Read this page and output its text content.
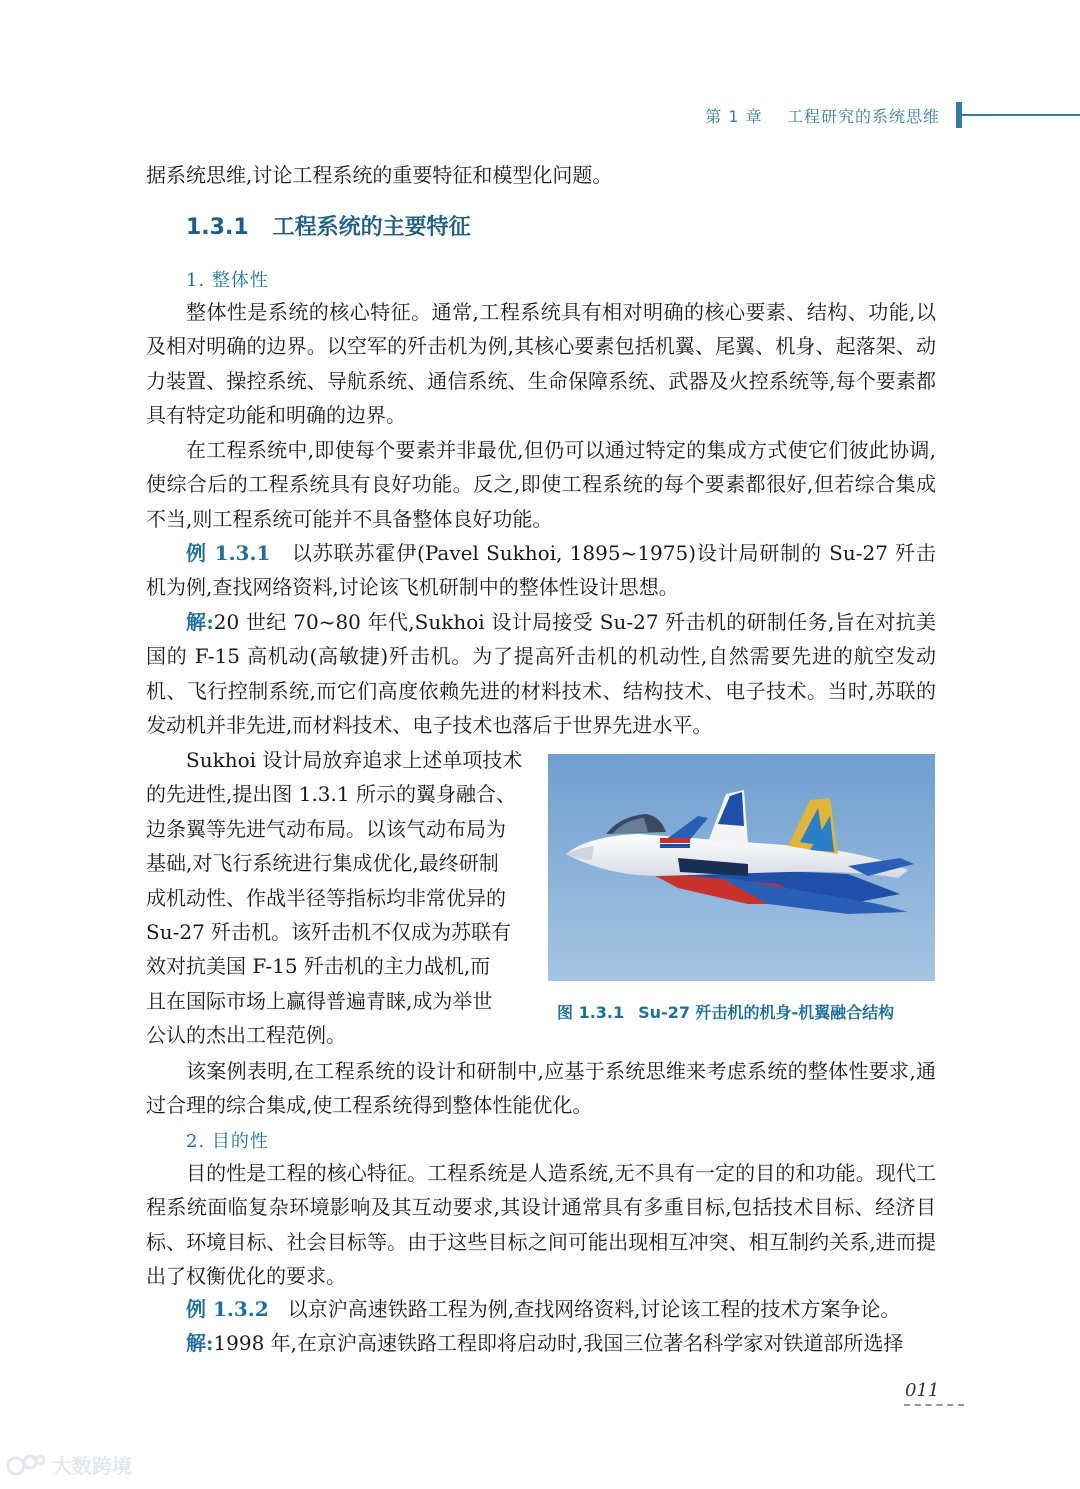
第 1 章 工程研究的系统思维

据系统思维,讨论工程系统的重要特征和模型化问题。

1.3.1 工程系统的主要特征
1. 整体性

整体性是系统的核心特征。通常,工程系统具有相对明确的核心要素、结构、功能,以及相对明确的边界。以空军的歼击机为例,其核心要素包括机翼、尾翼、机身、起落架、动力装置、操控系统、导航系统、通信系统、生命保障系统、武器及火控系统等,每个要素都具有特定功能和明确的边界。

在工程系统中,即使每个要素并非最优,但仍可以通过特定的集成方式使它们彼此协调,使综合后的工程系统具有良好功能。反之,即使工程系统的每个要素都很好,但若综合集成不当,则工程系统可能并不具备整体良好功能。

例 1.3.1 以苏联苏霍伊(Pavel Sukhoi, 1895~1975)设计局研制的 Su-27 歼击机为例,查找网络资料,讨论该飞机研制中的整体性设计思想。

解:20 世纪 70~80 年代,Sukhoi 设计局接受 Su-27 歼击机的研制任务,旨在对抗美国的 F-15 高机动(高敏捷)歼击机。为了提高歼击机的机动性,自然需要先进的航空发动机、飞行控制系统,而它们高度依赖先进的材料技术、结构技术、电子技术。当时,苏联的发动机并非先进,而材料技术、电子技术也落后于世界先进水平。

Sukhoi 设计局放弃追求上述单项技术
的先进性,提出图 1.3.1 所示的翼身融合、
边条翼等先进气动布局。以该气动布局为
基础,对飞行系统进行集成优化,最终研制
成机动性、作战半径等指标均非常优异的
Su-27 歼击机。该歼击机不仅成为苏联有
效对抗美国 F-15 歼击机的主力战机,而
且在国际市场上赢得普遍青睐,成为举世
公认的杰出工程范例。
图 1.3.1 Su-27 歼击机的机身-机翼融合结构

该案例表明,在工程系统的设计和研制中,应基于系统思维来考虑系统的整体性要求,通过合理的综合集成,使工程系统得到整体性能优化。

2. 目的性

目的性是工程的核心特征。工程系统是人造系统,无不具有一定的目的和功能。现代工程系统面临复杂环境影响及其互动要求,其设计通常具有多重目标,包括技术目标、经济目标、环境目标、社会目标等。由于这些目标之间可能出现相互冲突、相互制约关系,进而提出了权衡优化的要求。

例 1.3.2 以京沪高速铁路工程为例,查找网络资料,讨论该工程的技术方案争论。

解:1998 年,在京沪高速铁路工程即将启动时,我国三位著名科学家对铁道部所选择

011
大数跨境
